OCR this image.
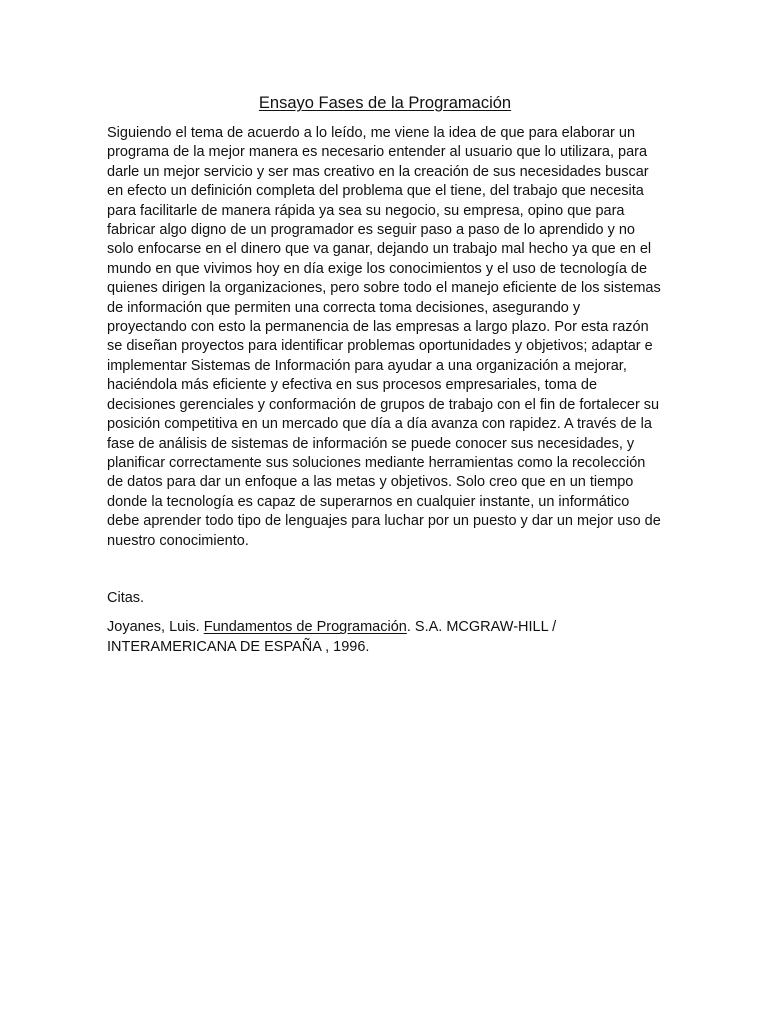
Ensayo Fases de la Programación

Siguiendo el tema de acuerdo a lo leído, me viene la idea de que para elaborar un programa de la mejor manera es necesario entender al usuario que lo utilizara, para darle un mejor servicio y ser mas creativo en la creación de sus necesidades buscar en efecto un definición completa del problema que el tiene, del trabajo que necesita para facilitarle de manera rápida ya sea su negocio, su empresa, opino que para fabricar algo digno de un programador es seguir paso a paso de lo aprendido y no solo enfocarse en el dinero que va ganar, dejando un trabajo mal hecho ya que en el mundo en que vivimos hoy en día exige los conocimientos y el uso de tecnología de quienes dirigen la organizaciones, pero sobre todo el manejo eficiente de los sistemas de información que permiten una correcta toma decisiones, asegurando y proyectando con esto la permanencia de las empresas a largo plazo. Por esta razón se diseñan proyectos para identificar problemas oportunidades y objetivos; adaptar e implementar Sistemas de Información para ayudar a una organización a mejorar, haciéndola más eficiente y efectiva en sus procesos empresariales, toma de decisiones gerenciales y conformación de grupos de trabajo con el fin de fortalecer su posición competitiva en un mercado que día a día avanza con rapidez. A través de la fase de análisis de sistemas de información se puede conocer sus necesidades, y planificar correctamente sus soluciones mediante herramientas como la recolección de datos para dar un enfoque a las metas y objetivos. Solo creo que en un tiempo donde la tecnología es capaz de superarnos en cualquier instante, un informático debe aprender todo tipo de lenguajes para luchar por un puesto y dar un mejor uso de nuestro conocimiento.

Citas.

Joyanes, Luis. Fundamentos de Programación. S.A. MCGRAW-HILL / INTERAMERICANA DE ESPAÑA , 1996.
